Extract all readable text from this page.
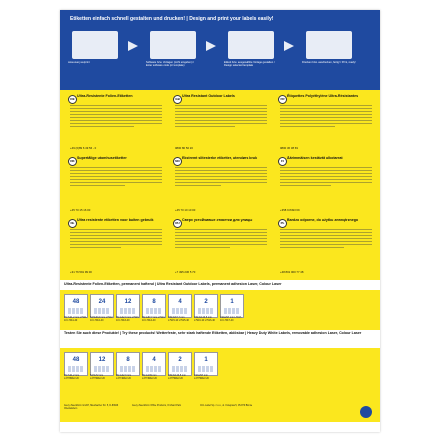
Etiketten einfach schnell gestalten und drucken! | Design and print your labels easily!
www.avery.eu/print	Software bzw. Vorlagen (nicht eingeben) / Enter software code (or template)
Etikett bzw. ausgewählte Vorlage gestalten / Design selected template
Drucken bzw. ausdrucken, fertig! / Print, ready!
DE
Ultra-Resistente Folien-Etiketten
+49 (0)89 6 49 56 - 0
DK
Supertåligе utomhusetiketter
+45 70 15 16 00
NL
Ultra resistente etiketten voor buiten gebruik
+31 76 591 99 00
GB
Ultra Resistant Outdoor Labels
0800 80 50 20
NO
Ekstremt slitesterke etiketter, utendørs bruk
+45 70 10 10 00
RU
Сверх устойчивые этикетки для улицы
+7 495 236 5 70
FR
Étiquettes Polyéthylène Ultra-Résistantes
0800 36 38 69
FI
Äärimmäisen kestävät ulkotarrat
+358 9 8493 69
PL
Bardzo odporne, do użytku zewnętrznego
+48 801 000 77 48
Ultra-Resistente Folien-Etiketten, permanent haftend | Ultra Resistant Outdoor Labels, permanent adhesion Laser, Colour Laser
48
45,7x21,2 mm L7911-10 L7911-40
24
63,5x33,9 mm L7912-10 L7912-40
12
99,1x42,3 mm L7913-10 L7913-40
8
99,1x67,7 mm L7914-10 L7914-40
4
199,6x67,7 mm L7915-10 L7915-40
2
199,6x143,5 mm L7916-10 L7916-40
1
210x297 mm L7917-10 L7917-40
Testen Sie auch diese Produkte! | Try these products! Wetterfeste, sehr stark haftende Etiketten, ablösbar | Heavy Duty White Labels, removable adhesion Laser, Colour Laser
48
45,7x21,2 mm L4778REV-20
12
63,5x72 mm L4776REV-20
8
99,1x42,3 mm L4774REV-20
4
99,1x139 mm L4773REV-20
2
199,6x143,5 mm L4775REV-20
1
210x297 mm L4775REV-20
Avery Zweckform GmbH, Miesbacher Str. 5, D-83626 Oberlaindern
Avery Zweckform Office Products, Orchard Park	CCL Label Sp. z o.o., ul. Kolejowa 5, 05-870 Błonie
